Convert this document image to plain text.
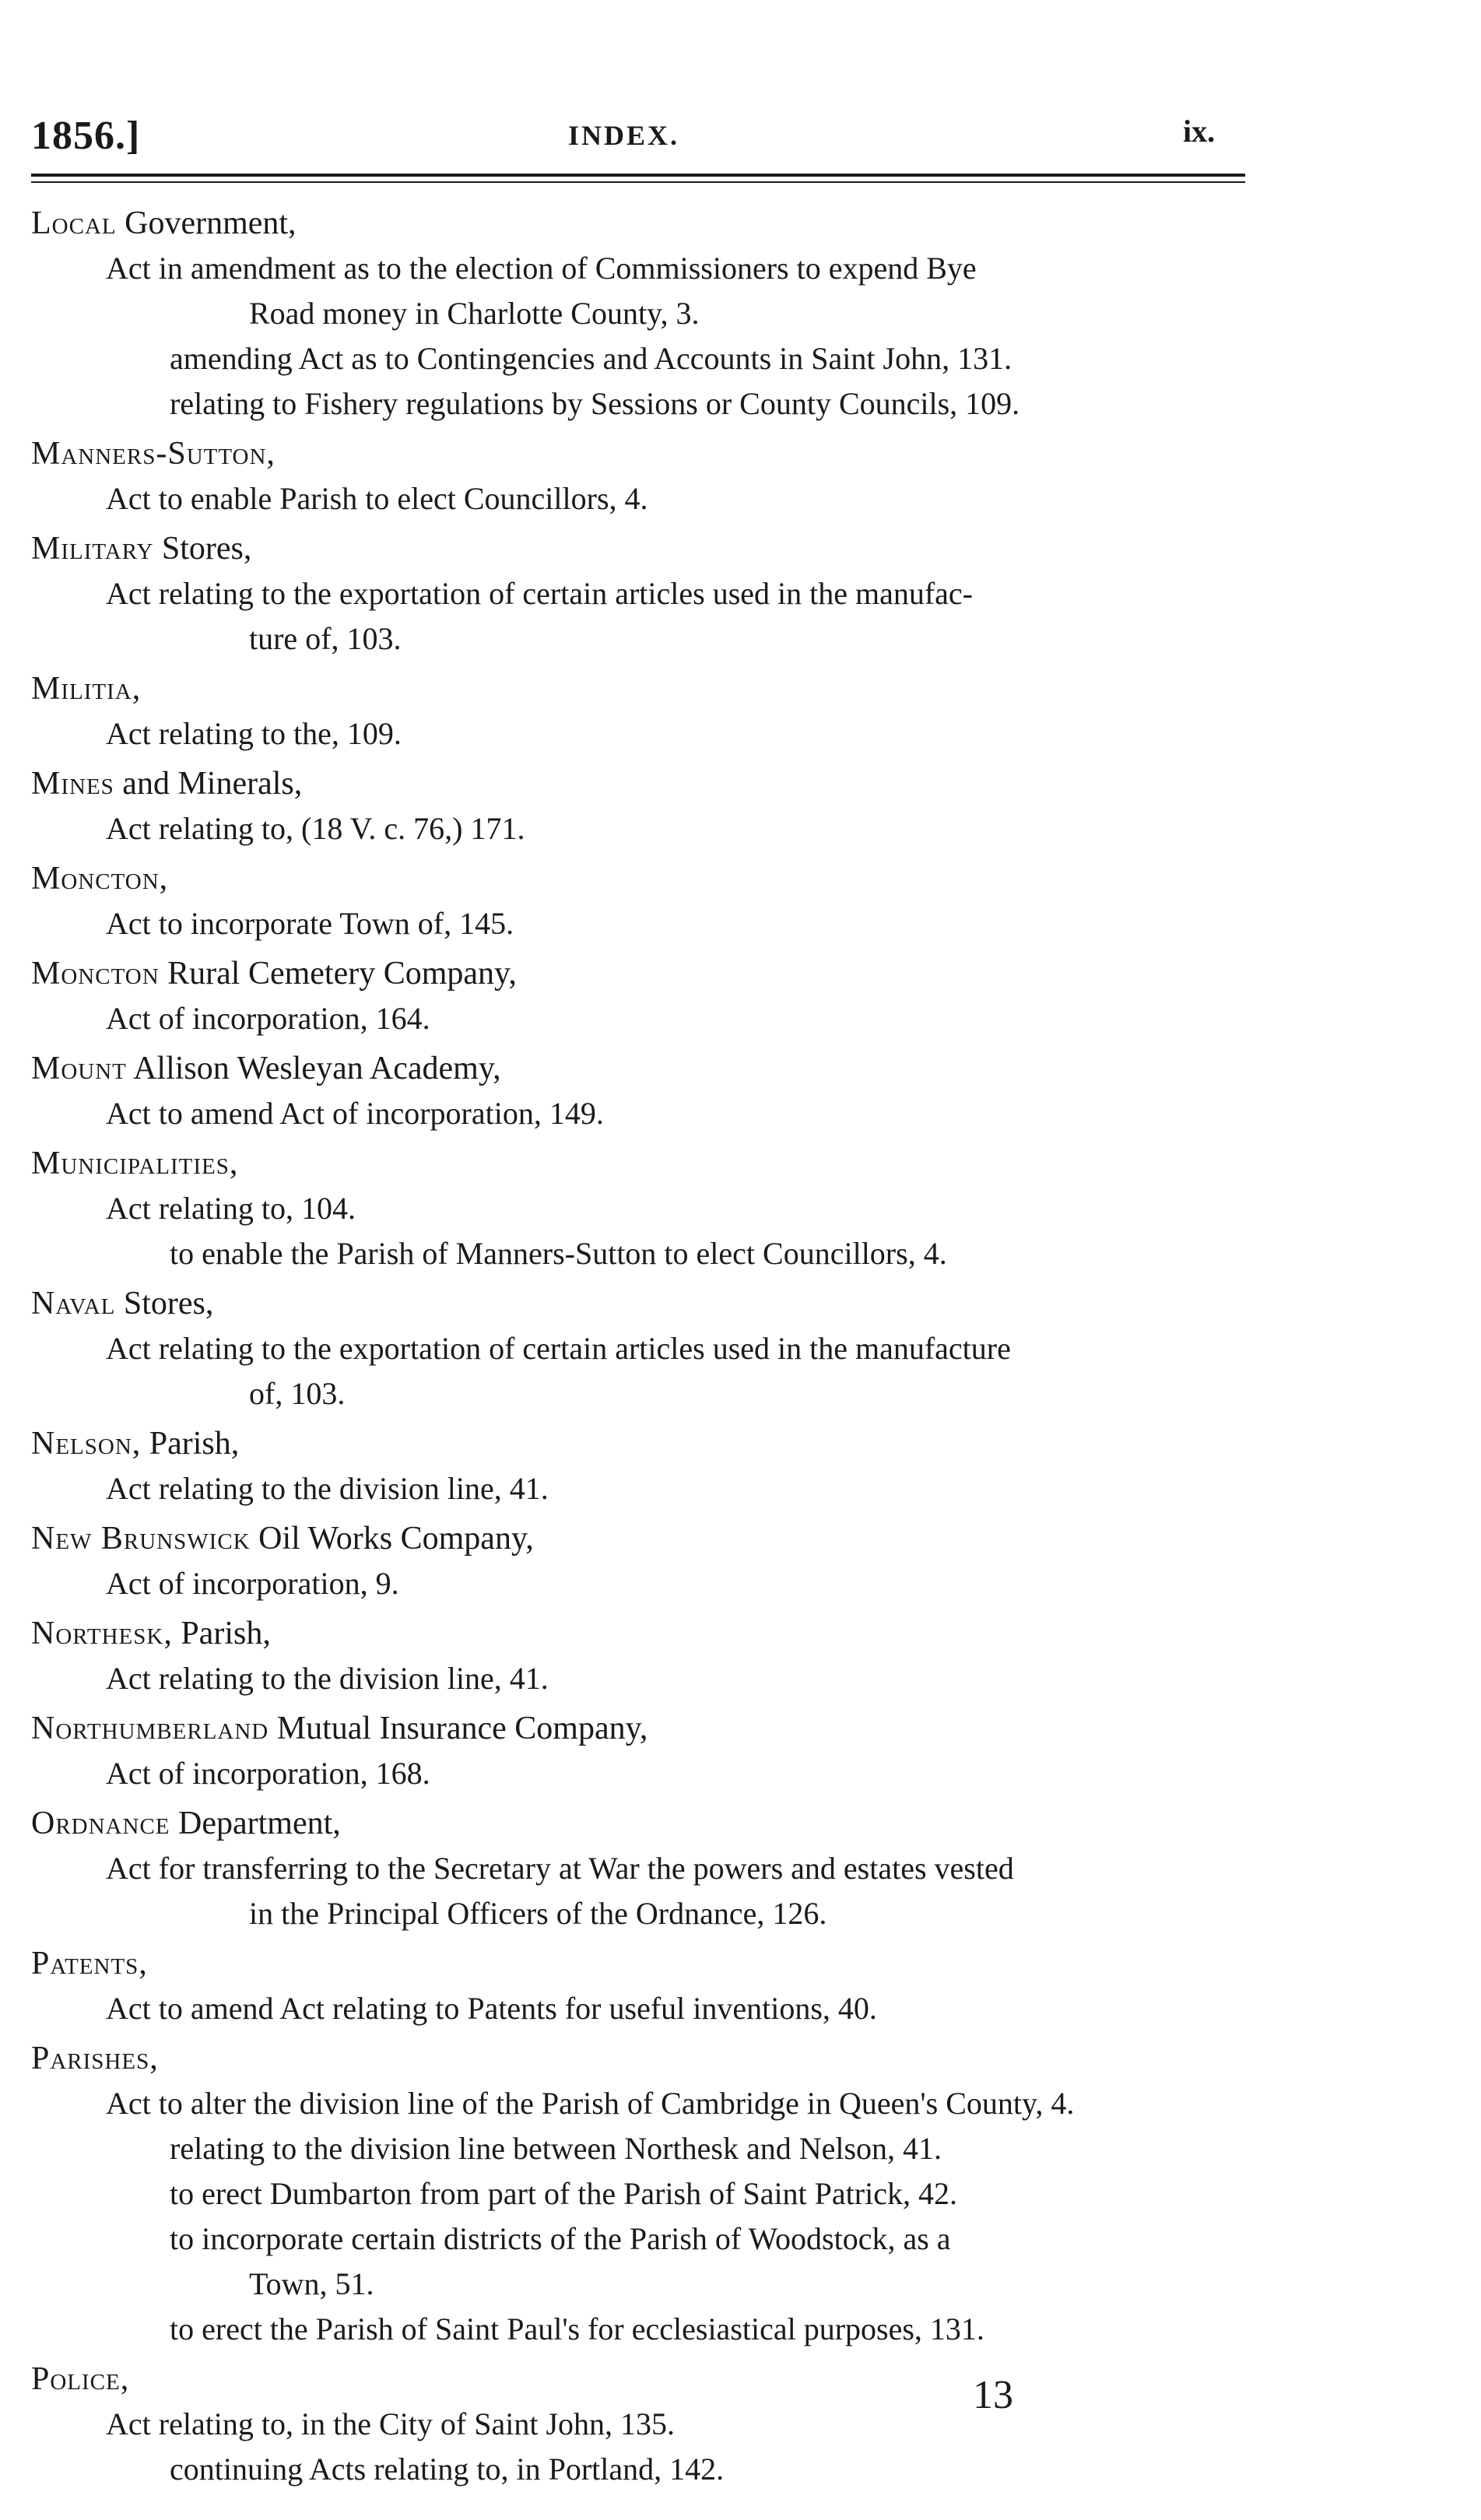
1856.]	INDEX.	ix.
Local Government,
Act in amendment as to the election of Commissioners to expend Bye
Road money in Charlotte County, 3.
amending Act as to Contingencies and Accounts in Saint John, 131.
relating to Fishery regulations by Sessions or County Councils, 109.
Manners-Sutton,
Act to enable Parish to elect Councillors, 4.
Military Stores,
Act relating to the exportation of certain articles used in the manufac-
ture of, 103.
Militia,
Act relating to the, 109.
Mines and Minerals,
Act relating to, (18 V. c. 76,) 171.
Moncton,
Act to incorporate Town of, 145.
Moncton Rural Cemetery Company,
Act of incorporation, 164.
Mount Allison Wesleyan Academy,
Act to amend Act of incorporation, 149.
Municipalities,
Act relating to, 104.
to enable the Parish of Manners-Sutton to elect Councillors, 4.
Naval Stores,
Act relating to the exportation of certain articles used in the manufacture
of, 103.
Nelson, Parish,
Act relating to the division line, 41.
New Brunswick Oil Works Company,
Act of incorporation, 9.
Northesk, Parish,
Act relating to the division line, 41.
Northumberland Mutual Insurance Company,
Act of incorporation, 168.
Ordnance Department,
Act for transferring to the Secretary at War the powers and estates vested
in the Principal Officers of the Ordnance, 126.
Patents,
Act to amend Act relating to Patents for useful inventions, 40.
Parishes,
Act to alter the division line of the Parish of Cambridge in Queen's County, 4.
relating to the division line between Northesk and Nelson, 41.
to erect Dumbarton from part of the Parish of Saint Patrick, 42.
to incorporate certain districts of the Parish of Woodstock, as a
Town, 51.
to erect the Parish of Saint Paul's for ecclesiastical purposes, 131.
Police,
Act relating to, in the City of Saint John, 135.
continuing Acts relating to, in Portland, 142.
13
